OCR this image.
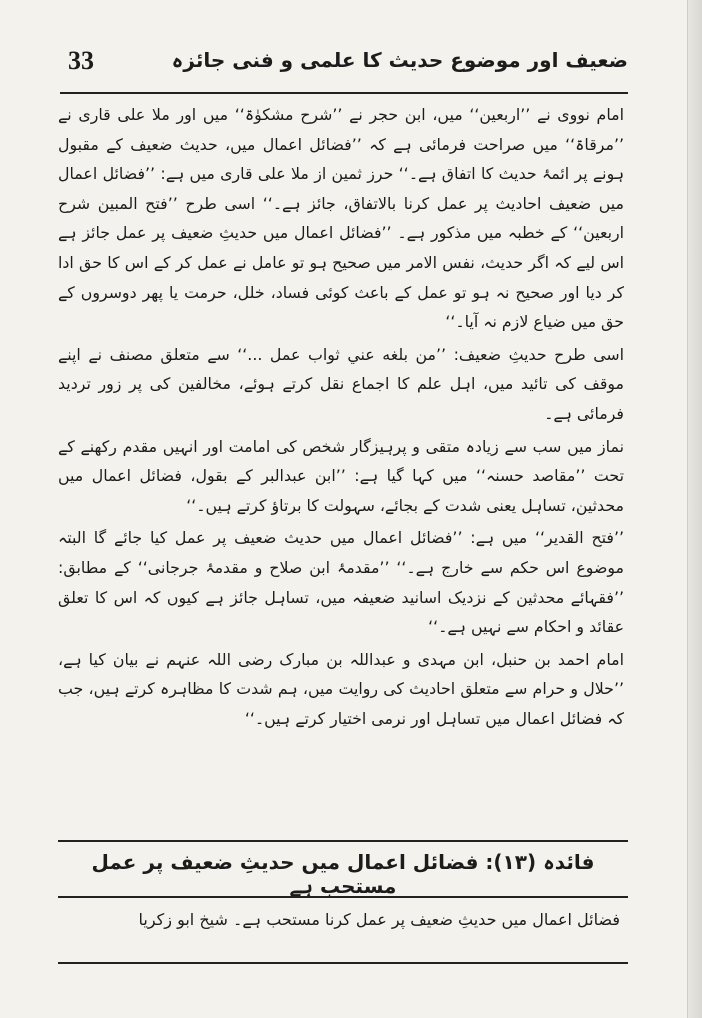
33	ضعیف اور موضوع حدیث کا علمی و فنی جائزہ

امام نووی نے ’’اربعین‘‘ میں، ابن حجر نے ’’شرح مشکوٰۃ‘‘ میں اور ملا علی قاری نے ’’مرقاۃ‘‘ میں صراحت فرمائی ہے کہ ’’فضائل اعمال میں، حدیث ضعیف کے مقبول ہونے پر ائمۂ حدیث کا اتفاق ہے۔‘‘ حرز ثمین از ملا علی قاری میں ہے: ’’فضائل اعمال میں ضعیف احادیث پر عمل کرنا بالاتفاق، جائز ہے۔‘‘ اسی طرح ’’فتح المبین شرح اربعین‘‘ کے خطبہ میں مذکور ہے۔ ’’فضائل اعمال میں حدیثِ ضعیف پر عمل جائز ہے اس لیے کہ اگر حدیث، نفس الامر میں صحیح ہو تو عامل نے عمل کر کے اس کا حق ادا کر دیا اور صحیح نہ ہو تو عمل کے باعث کوئی فساد، خلل، حرمت یا پھر دوسروں کے حق میں ضیاع لازم نہ آیا۔‘‘

اسی طرح حدیثِ ضعیف: ’’من بلغه عني ثواب عمل ...‘‘ سے متعلق مصنف نے اپنے موقف کی تائید میں، اہل علم کا اجماع نقل کرتے ہوئے، مخالفین کی پر زور تردید فرمائی ہے۔

نماز میں سب سے زیادہ متقی و پرہیزگار شخص کی امامت اور انہیں مقدم رکھنے کے تحت ’’مقاصد حسنہ‘‘ میں کہا گیا ہے: ’’ابن عبدالبر کے بقول، فضائل اعمال میں محدثین، تساہل یعنی شدت کے بجائے، سہولت کا برتاؤ کرتے ہیں۔‘‘

’’فتح القدیر‘‘ میں ہے: ’’فضائل اعمال میں حدیث ضعیف پر عمل کیا جائے گا البتہ موضوع اس حکم سے خارج ہے۔‘‘ ’’مقدمۂ ابن صلاح و مقدمۂ جرجانی‘‘ کے مطابق: ’’فقہائے محدثین کے نزدیک اسانید ضعیفہ میں، تساہل جائز ہے کیوں کہ اس کا تعلق عقائد و احکام سے نہیں ہے۔‘‘

امام احمد بن حنبل، ابن مہدی و عبداللہ بن مبارک رضی اللہ عنہم نے بیان کیا ہے، ’’حلال و حرام سے متعلق احادیث کی روایت میں، ہم شدت کا مظاہرہ کرتے ہیں، جب کہ فضائل اعمال میں تساہل اور نرمی اختیار کرتے ہیں۔‘‘

فائدہ (۱۳): فضائل اعمال میں حدیثِ ضعیف پر عمل مستحب ہے
فضائل اعمال میں حدیثِ ضعیف پر عمل کرنا مستحب ہے۔ شیخ ابو زکریا
